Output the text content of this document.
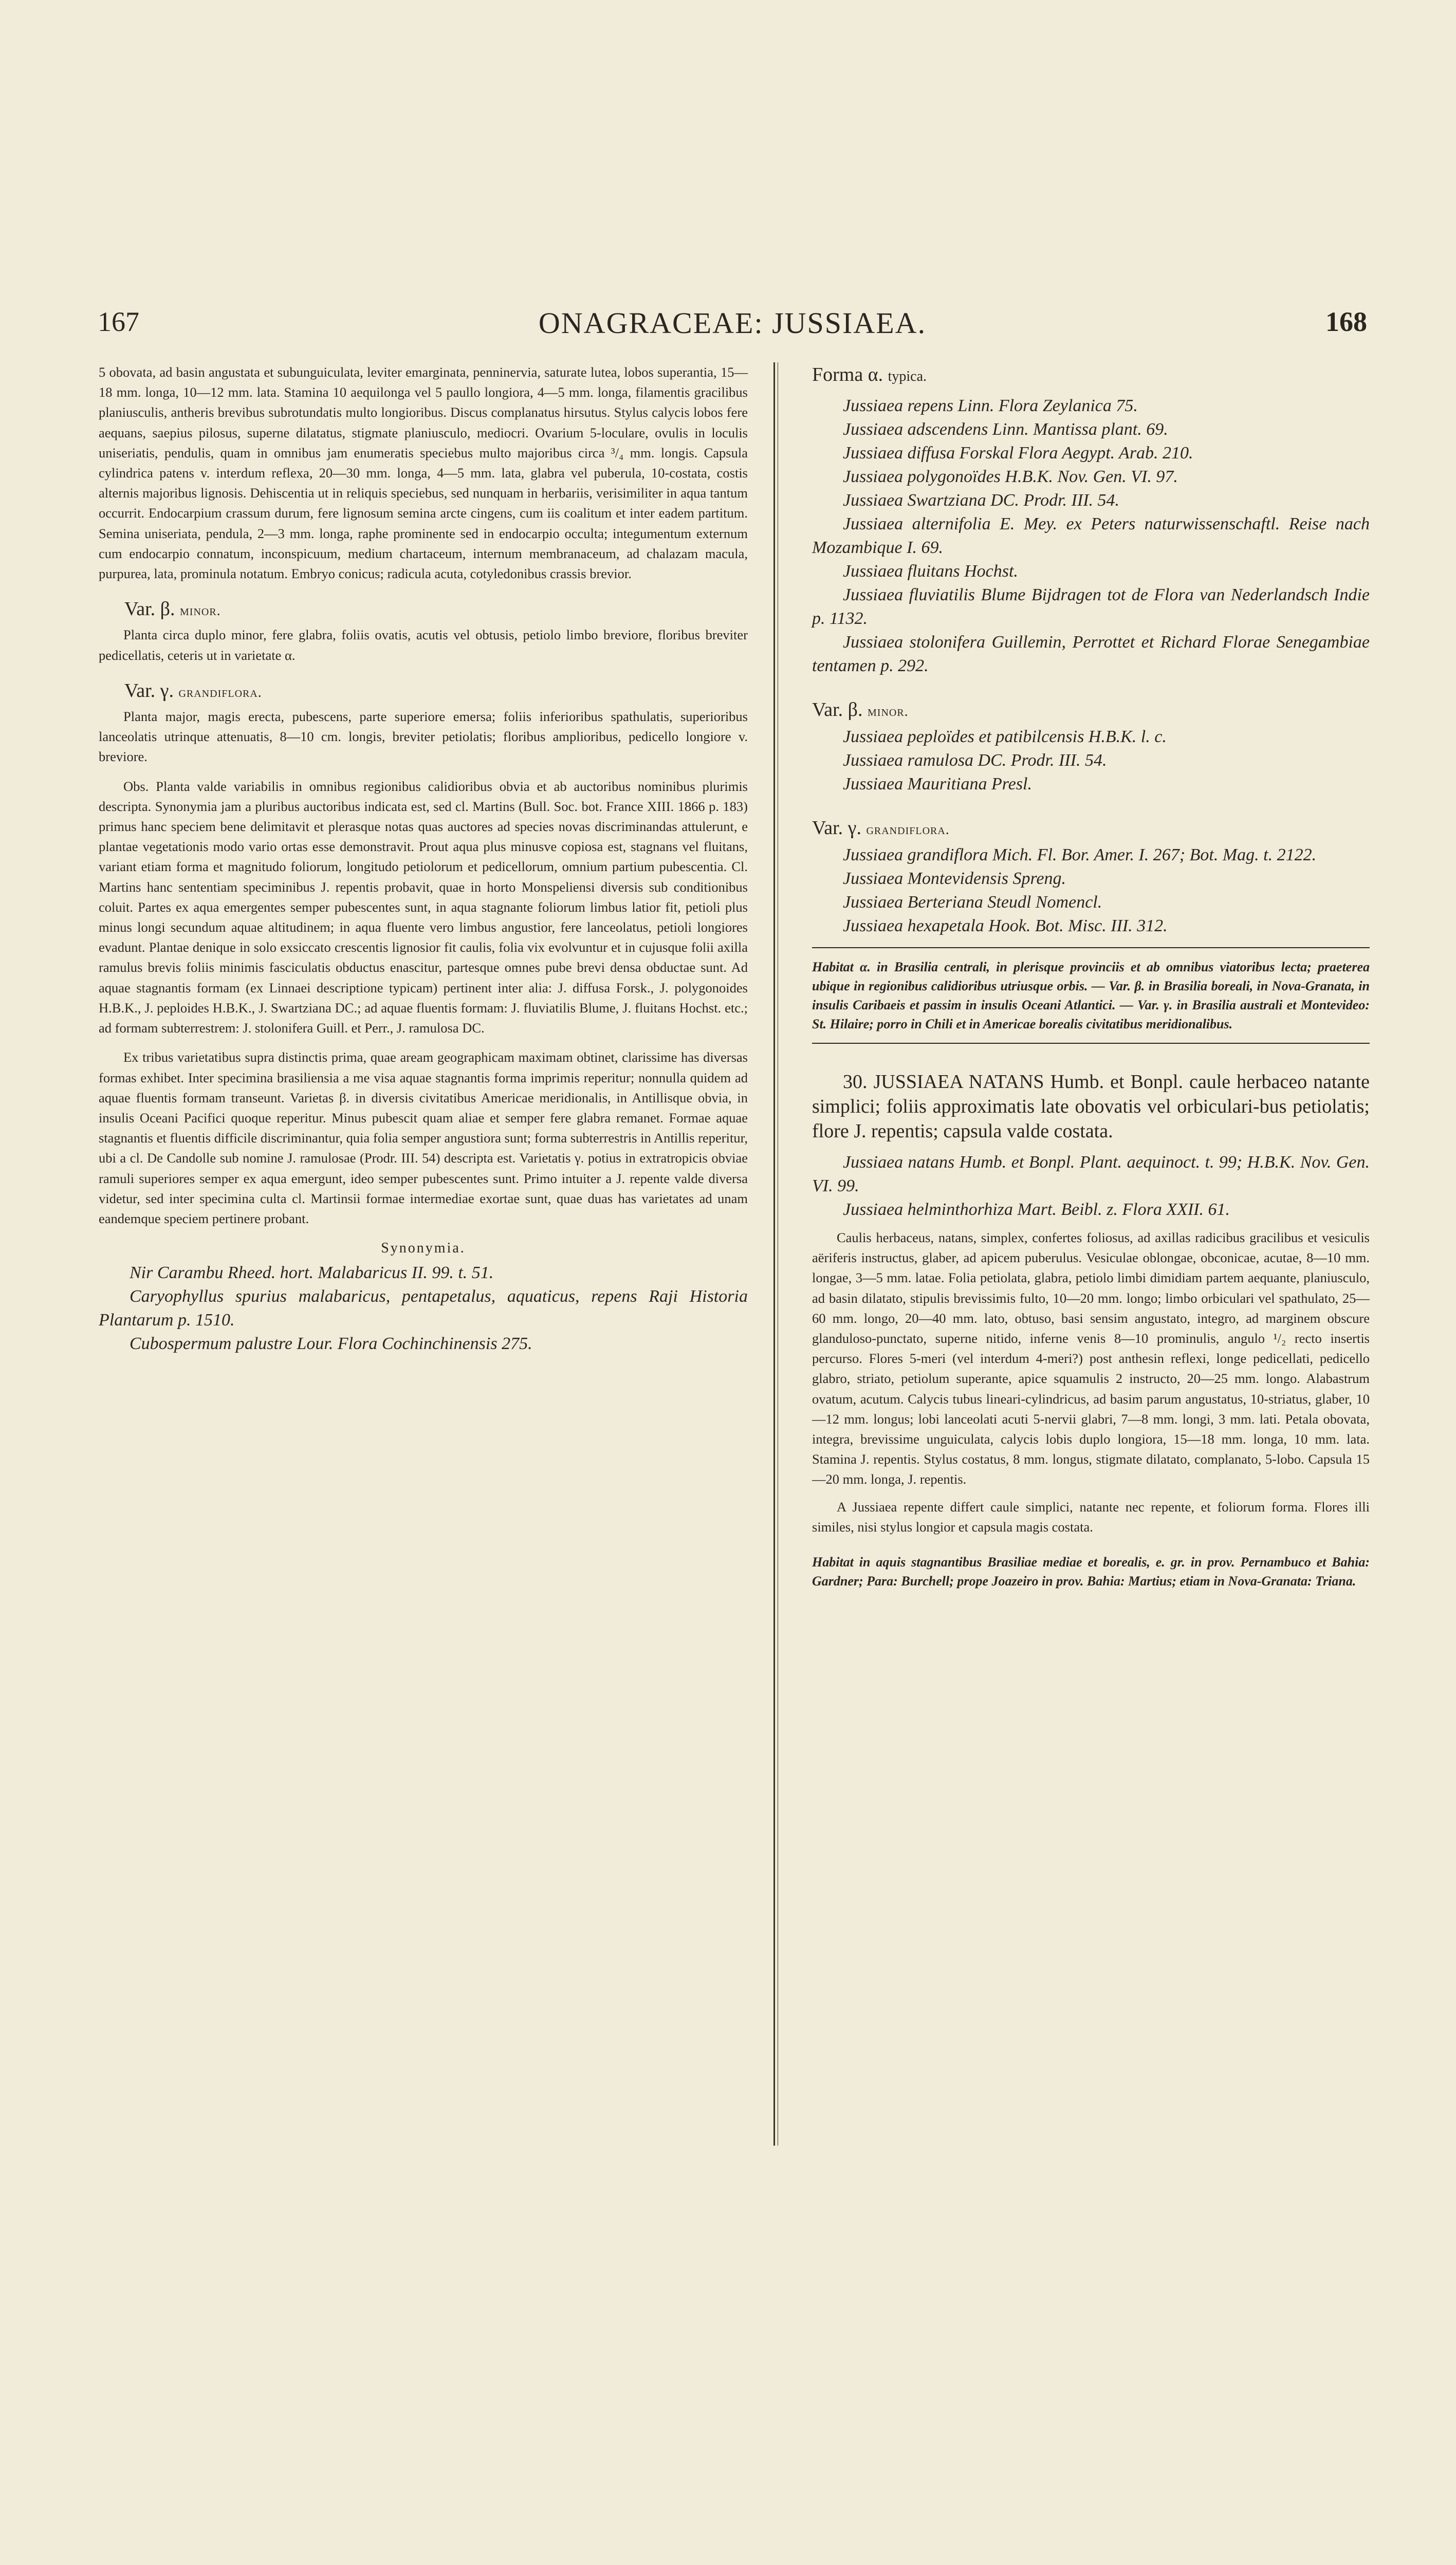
167	ONAGRACEAE: JUSSIAEA.	168

5 obovata, ad basin angustata et subunguiculata, leviter emarginata, penninervia, saturate lutea, lobos superantia, 15—18 mm. longa, 10—12 mm. lata. Stamina 10 aequilonga vel 5 paullo longiora, 4—5 mm. longa, filamentis gracilibus planiusculis, antheris brevibus subrotundatis multo longioribus. Discus complanatus hirsutus. Stylus calycis lobos fere aequans, saepius pilosus, superne dilatatus, stigmate planiusculo, mediocri. Ovarium 5-loculare, ovulis in loculis uniseriatis, pendulis, quam in omnibus jam enumeratis speciebus multo majoribus circa ³/₄ mm. longis. Capsula cylindrica patens v. interdum reflexa, 20—30 mm. longa, 4—5 mm. lata, glabra vel puberula, 10-costata, costis alternis majoribus lignosis. Dehiscentia ut in reliquis speciebus, sed nunquam in herbariis, verisimiliter in aqua tantum occurrit. Endocarpium crassum durum, fere lignosum semina arcte cingens, cum iis coalitum et inter eadem partitum. Semina uniseriata, pendula, 2—3 mm. longa, raphe prominente sed in endocarpio occulta; integumentum externum cum endocarpio connatum, inconspicuum, medium chartaceum, internum membranaceum, ad chalazam macula, purpurea, lata, prominula notatum. Embryo conicus; radicula acuta, cotyledonibus crassis brevior.

Var. β. minor.

Planta circa duplo minor, fere glabra, foliis ovatis, acutis vel obtusis, petiolo limbo breviore, floribus breviter pedicellatis, ceteris ut in varietate α.

Var. γ. grandiflora.

Planta major, magis erecta, pubescens, parte superiore emersa; foliis inferioribus spathulatis, superioribus lanceolatis utrinque attenuatis, 8—10 cm. longis, breviter petiolatis; floribus amplioribus, pedicello longiore v. breviore.

Obs. Planta valde variabilis in omnibus regionibus calidioribus obvia et ab auctoribus nominibus plurimis descripta. Synonymia jam a pluribus auctoribus indicata est, sed cl. Martins (Bull. Soc. bot. France XIII. 1866 p. 183) primus hanc speciem bene delimitavit et plerasque notas quas auctores ad species novas discriminandas attulerunt, e plantae vegetationis modo vario ortas esse demonstravit. Prout aqua plus minusve copiosa est, stagnans vel fluitans, variant etiam forma et magnitudo foliorum, longitudo petiolorum et pedicellorum, omnium partium pubescentia. Cl. Martins hanc sententiam speciminibus J. repentis probavit, quae in horto Monspeliensi diversis sub conditionibus coluit. Partes ex aqua emergentes semper pubescentes sunt, in aqua stagnante foliorum limbus latior fit, petioli plus minus longi secundum aquae altitudinem; in aqua fluente vero limbus angustior, fere lanceolatus, petioli longiores evadunt. Plantae denique in solo exsiccato crescentis lignosior fit caulis, folia vix evolvuntur et in cujusque folii axilla ramulus brevis foliis minimis fasciculatis obductus enascitur, partesque omnes pube brevi densa obductae sunt. Ad aquae stagnantis formam (ex Linnaei descriptione typicam) pertinent inter alia: J. diffusa Forsk., J. polygonoides H.B.K., J. peploides H.B.K., J. Swartziana DC.; ad aquae fluentis formam: J. fluviatilis Blume, J. fluitans Hochst. etc.; ad formam subterrestrem: J. stolonifera Guill. et Perr., J. ramulosa DC.

Ex tribus varietatibus supra distinctis prima, quae aream geographicam maximam obtinet, clarissime has diversas formas exhibet. Inter specimina brasiliensia a me visa aquae stagnantis forma imprimis reperitur; nonnulla quidem ad aquae fluentis formam transeunt. Varietas β. in diversis civitatibus Americae meridionalis, in Antillisque obvia, in insulis Oceani Pacifici quoque reperitur. Minus pubescit quam aliae et semper fere glabra remanet. Formae aquae stagnantis et fluentis difficile discriminantur, quia folia semper angustiora sunt; forma subterrestris in Antillis reperitur, ubi a cl. De Candolle sub nomine J. ramulosae (Prodr. III. 54) descripta est. Varietatis γ. potius in extratropicis obviae ramuli superiores semper ex aqua emergunt, ideo semper pubescentes sunt. Primo intuiter a J. repente valde diversa videtur, sed inter specimina culta cl. Martinsii formae intermediae exortae sunt, quae duas has varietates ad unam eandemque speciem pertinere probant.

Synonymia.

Nir Carambu Rheed. hort. Malabaricus II. 99. t. 51.

Caryophyllus spurius malabaricus, pentapetalus, aquaticus, repens Raji Historia Plantarum p. 1510.

Cubospermum palustre Lour. Flora Cochinchinensis 275.

Forma α. typica.

Jussiaea repens Linn. Flora Zeylanica 75.

Jussiaea adscendens Linn. Mantissa plant. 69.

Jussiaea diffusa Forskal Flora Aegypt. Arab. 210.

Jussiaea polygonoïdes H.B.K. Nov. Gen. VI. 97.

Jussiaea Swartziana DC. Prodr. III. 54.

Jussiaea alternifolia E. Mey. ex Peters naturwissenschaftl. Reise nach Mozambique I. 69.

Jussiaea fluitans Hochst.

Jussiaea fluviatilis Blume Bijdragen tot de Flora van Nederlandsch Indie p. 1132.

Jussiaea stolonifera Guillemin, Perrottet et Richard Florae Senegambiae tentamen p. 292.

Var. β. minor.

Jussiaea peploïdes et patibilcensis H.B.K. l. c.

Jussiaea ramulosa DC. Prodr. III. 54.

Jussiaea Mauritiana Presl.

Var. γ. grandiflora.

Jussiaea grandiflora Mich. Fl. Bor. Amer. I. 267; Bot. Mag. t. 2122.

Jussiaea Montevidensis Spreng.

Jussiaea Berteriana Steudl Nomencl.

Jussiaea hexapetala Hook. Bot. Misc. III. 312.

Habitat α. in Brasilia centrali, in plerisque provinciis et ab omnibus viatoribus lecta; praeterea ubique in regionibus calidioribus utriusque orbis. — Var. β. in Brasilia boreali, in Nova-Granata, in insulis Caribaeis et passim in insulis Oceani Atlantici. — Var. γ. in Brasilia australi et Montevideo: St. Hilaire; porro in Chili et in Americae borealis civitatibus meridionalibus.

30. JUSSIAEA NATANS Humb. et Bonpl. caule herbaceo natante simplici; foliis approximatis late obovatis vel orbiculari-bus petiolatis; flore J. repentis; capsula valde costata.

Jussiaea natans Humb. et Bonpl. Plant. aequinoct. t. 99; H.B.K. Nov. Gen. VI. 99.

Jussiaea helminthorhiza Mart. Beibl. z. Flora XXII. 61.

Caulis herbaceus, natans, simplex, confertes foliosus, ad axillas radicibus gracilibus et vesiculis aëriferis instructus, glaber, ad apicem puberulus. Vesiculae oblongae, obconicae, acutae, 8—10 mm. longae, 3—5 mm. latae. Folia petiolata, glabra, petiolo limbi dimidiam partem aequante, planiusculo, ad basin dilatato, stipulis brevissimis fulto, 10—20 mm. longo; limbo orbiculari vel spathulato, 25—60 mm. longo, 20—40 mm. lato, obtuso, basi sensim angustato, integro, ad marginem obscure glanduloso-punctato, superne nitido, inferne venis 8—10 prominulis, angulo ¹/₂ recto insertis percurso. Flores 5-meri (vel interdum 4-meri?) post anthesin reflexi, longe pedicellati, pedicello glabro, striato, petiolum superante, apice squamulis 2 instructo, 20—25 mm. longo. Alabastrum ovatum, acutum. Calycis tubus lineari-cylindricus, ad basim parum angustatus, 10-striatus, glaber, 10—12 mm. longus; lobi lanceolati acuti 5-nervii glabri, 7—8 mm. longi, 3 mm. lati. Petala obovata, integra, brevissime unguiculata, calycis lobis duplo longiora, 15—18 mm. longa, 10 mm. lata. Stamina J. repentis. Stylus costatus, 8 mm. longus, stigmate dilatato, complanato, 5-lobo. Capsula 15—20 mm. longa, J. repentis.

A Jussiaea repente differt caule simplici, natante nec repente, et foliorum forma. Flores illi similes, nisi stylus longior et capsula magis costata.

Habitat in aquis stagnantibus Brasiliae mediae et borealis, e. gr. in prov. Pernambuco et Bahia: Gardner; Para: Burchell; prope Joazeiro in prov. Bahia: Martius; etiam in Nova-Granata: Triana.
